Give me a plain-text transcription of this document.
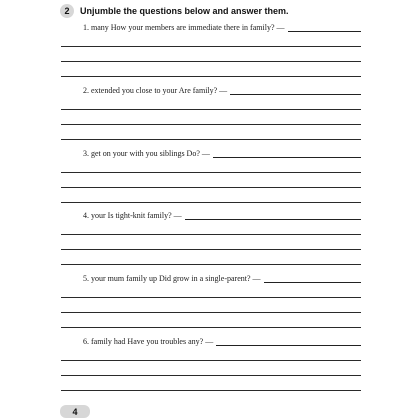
2	Unjumble the questions below and answer them.
1. many How your members are immediate there in family? —
2. extended you close to your Are family? —
3. get on your with you siblings Do? —
4. your Is tight-knit family? —
5. your mum family up Did grow in a single-parent? —
6. family had Have you troubles any? —
4
